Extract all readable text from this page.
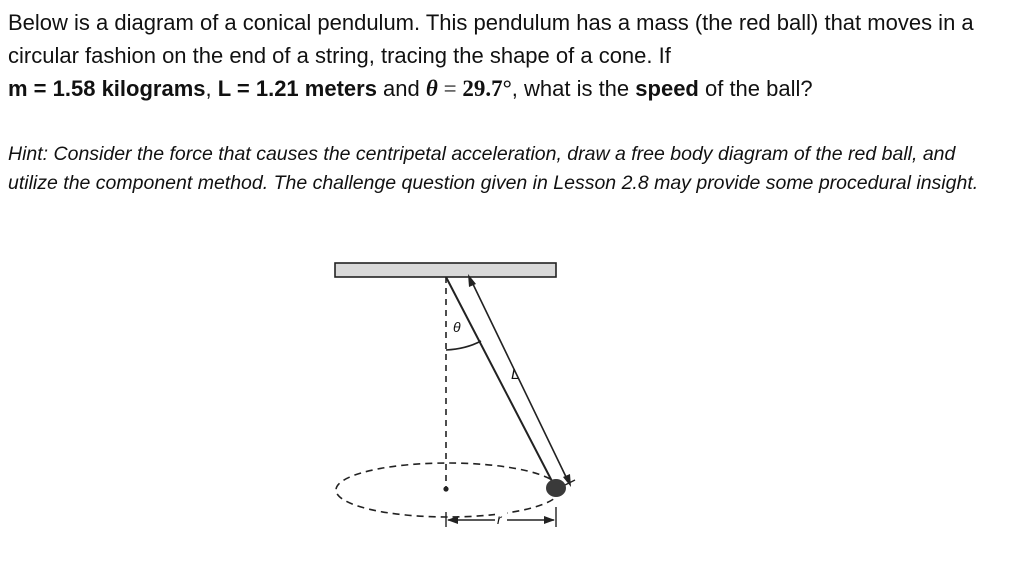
Below is a diagram of a conical pendulum. This pendulum has a mass (the red ball) that moves in a circular fashion on the end of a string, tracing the shape of a cone. If
m = 1.58 kilograms, L = 1.21 meters and θ = 29.7°, what is the speed of the ball?

Hint: Consider the force that causes the centripetal acceleration, draw a free body diagram of the red ball, and utilize the component method. The challenge question given in Lesson 2.8 may provide some procedural insight.

θ
L
r
